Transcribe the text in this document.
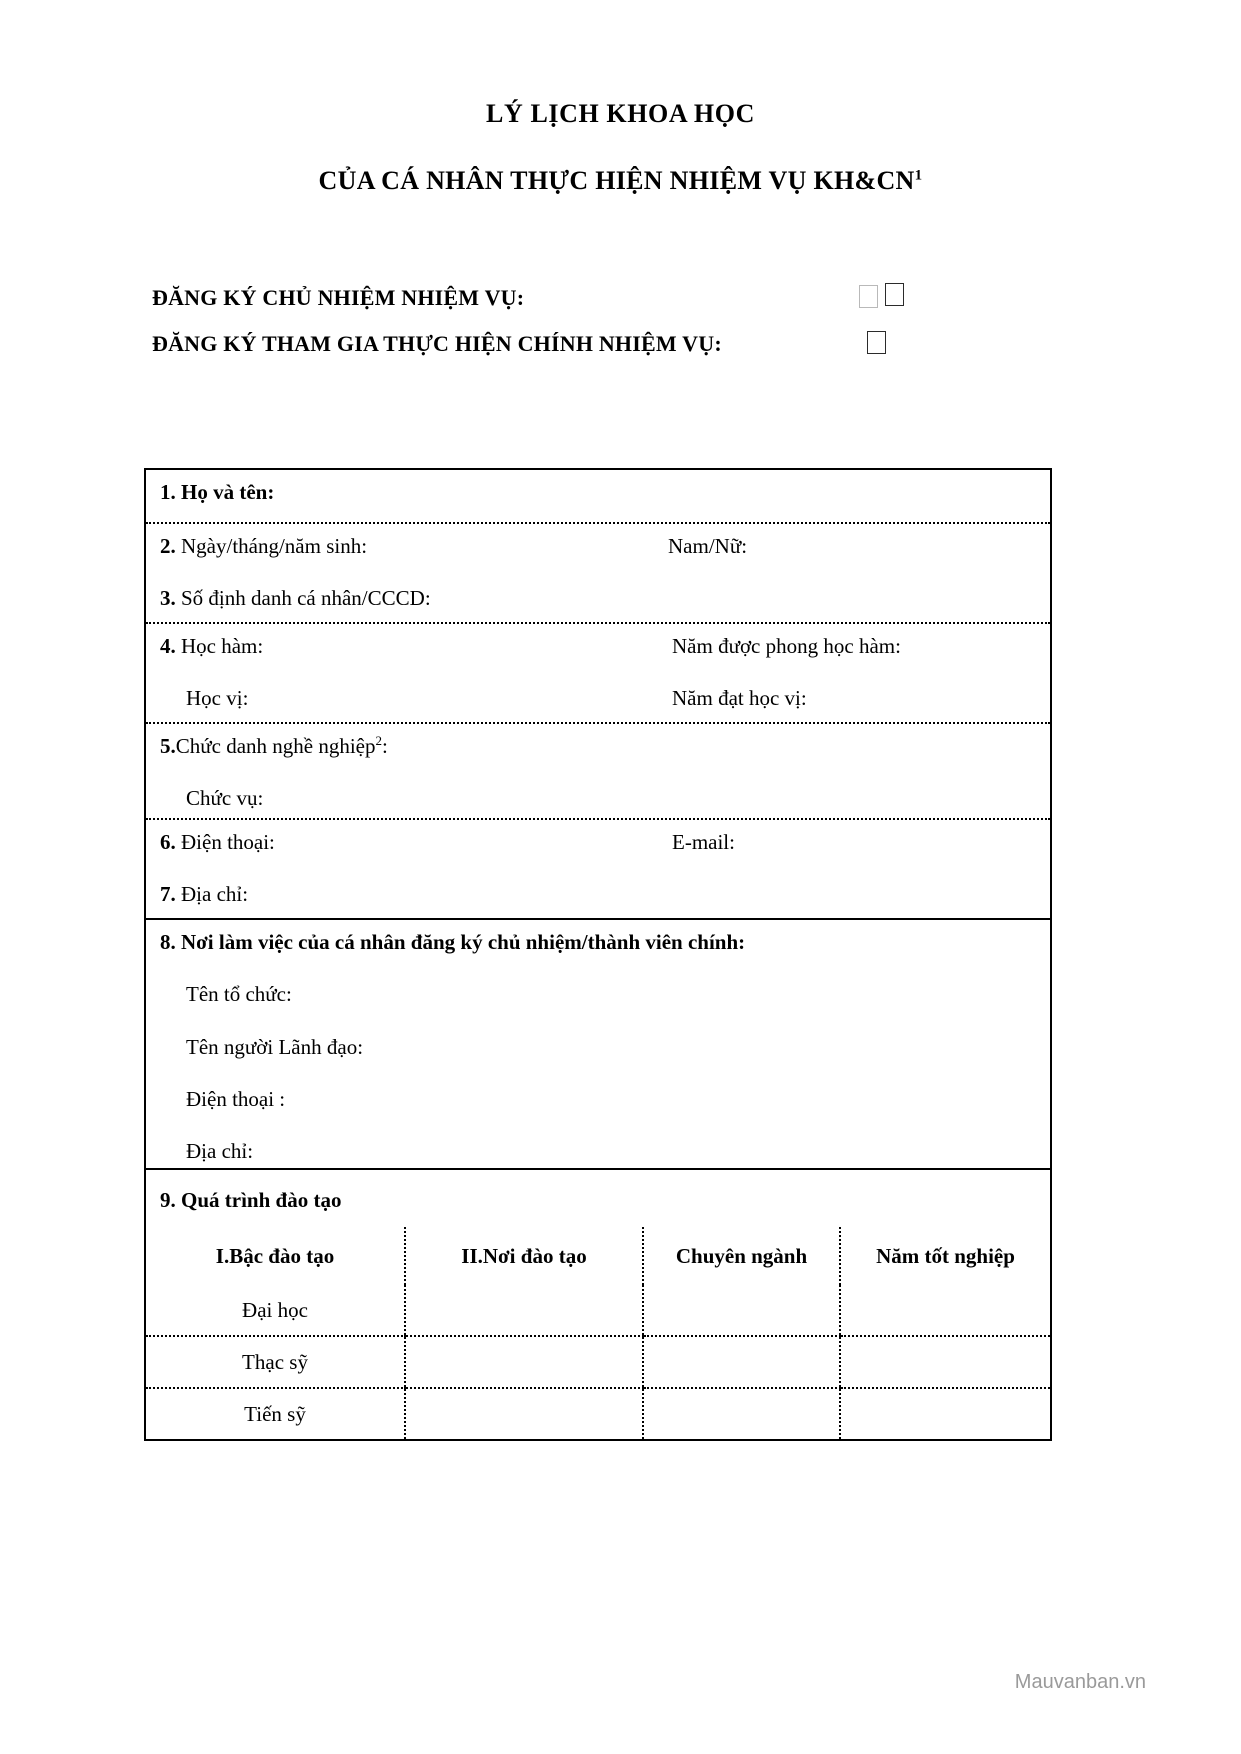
LÝ LỊCH KHOA HỌC
CỦA CÁ NHÂN THỰC HIỆN NHIỆM VỤ $KH\&CN^1$
ĐĂNG KÝ CHỦ NHIỆM NHIỆM VỤ:
ĐĂNG KÝ THAM GIA THỰC HIỆN CHÍNH NHIỆM VỤ:
1. Họ và tên:

2. Ngày/tháng/năm sinh:	Nam/Nữ:
3. Số định danh cá nhân/CCCD:

4. Học hàm:	Năm được phong học hàm:
Học vị:	Năm đạt học vị:

5.Chức danh nghề nghiệp$^2$:
Chức vụ:

6. Điện thoại:	E-mail:
7. Địa chỉ:

8. Nơi làm việc của cá nhân đăng ký chủ nhiệm/thành viên chính:
Tên tổ chức:
Tên người Lãnh đạo:
Điện thoại :
Địa chỉ:

9. Quá trình đào tạo
I.Bậc đào tạo	II.Nơi đào tạo	Chuyên ngành	Năm tốt nghiệp
Đại học			
Thạc sỹ			
Tiến sỹ			
Mauvanban.vn
